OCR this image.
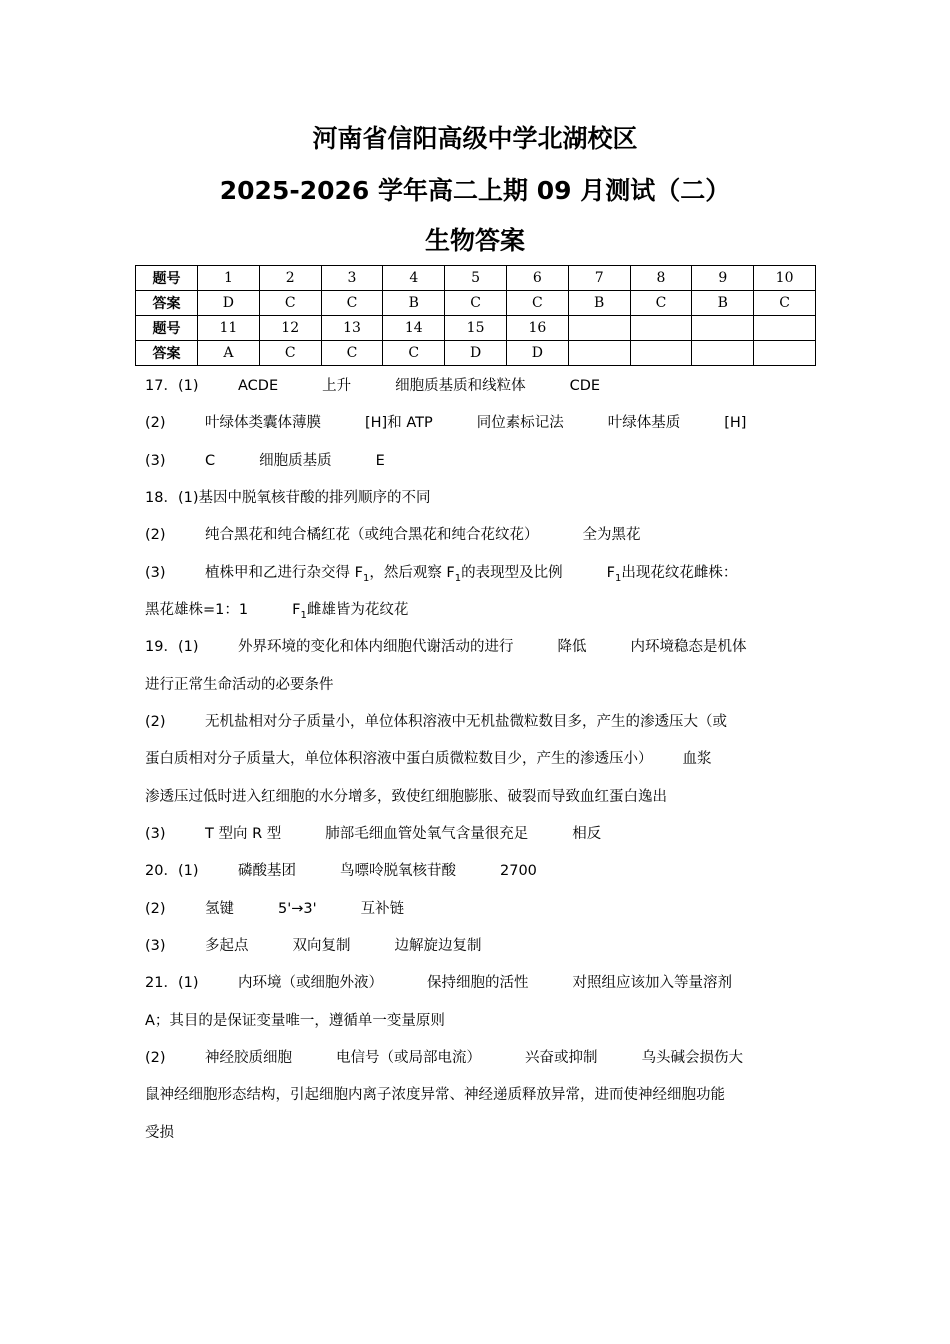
河南省信阳高级中学北湖校区
2025-2026 学年高二上期 09 月测试（二）
生物答案
题号	1	2	3	4	5	6	7	8	9	10
答案	D	C	C	B	C	C	B	C	B	C
题号	11	12	13	14	15	16				
答案	A	C	C	C	D	D				
17．(1)	ACDE	上升	细胞质基质和线粒体	CDE
(2)	叶绿体类囊体薄膜	[H]和 ATP	同位素标记法	叶绿体基质	[H]
(3)	C	细胞质基质	E
18．(1)基因中脱氧核苷酸的排列顺序的不同
(2)	纯合黑花和纯合橘红花（或纯合黑花和纯合花纹花）	全为黑花
(3)	植株甲和乙进行杂交得 $F_1$，然后观察 $F_1$的表现型及比例	$F_1$出现花纹花雌株：
黑花雄株=1：1	$F_1$雌雄皆为花纹花
19．(1)	外界环境的变化和体内细胞代谢活动的进行	降低	内环境稳态是机体
进行正常生命活动的必要条件
(2)	无机盐相对分子质量小，单位体积溶液中无机盐微粒数目多，产生的渗透压大（或
蛋白质相对分子质量大，单位体积溶液中蛋白质微粒数目少，产生的渗透压小） 血浆
渗透压过低时进入红细胞的水分增多，致使红细胞膨胀、破裂而导致血红蛋白逸出
(3)	T 型向 R 型	肺部毛细血管处氧气含量很充足	相反
20．(1)	磷酸基团	鸟嘌呤脱氧核苷酸	2700
(2)	氢键	5'→3'	互补链
(3)	多起点	双向复制	边解旋边复制
21．(1)	内环境（或细胞外液）	保持细胞的活性	对照组应该加入等量溶剂
A；其目的是保证变量唯一，遵循单一变量原则
(2)	神经胶质细胞	电信号（或局部电流）	兴奋或抑制	乌头碱会损伤大
鼠神经细胞形态结构，引起细胞内离子浓度异常、神经递质释放异常，进而使神经细胞功能
受损
